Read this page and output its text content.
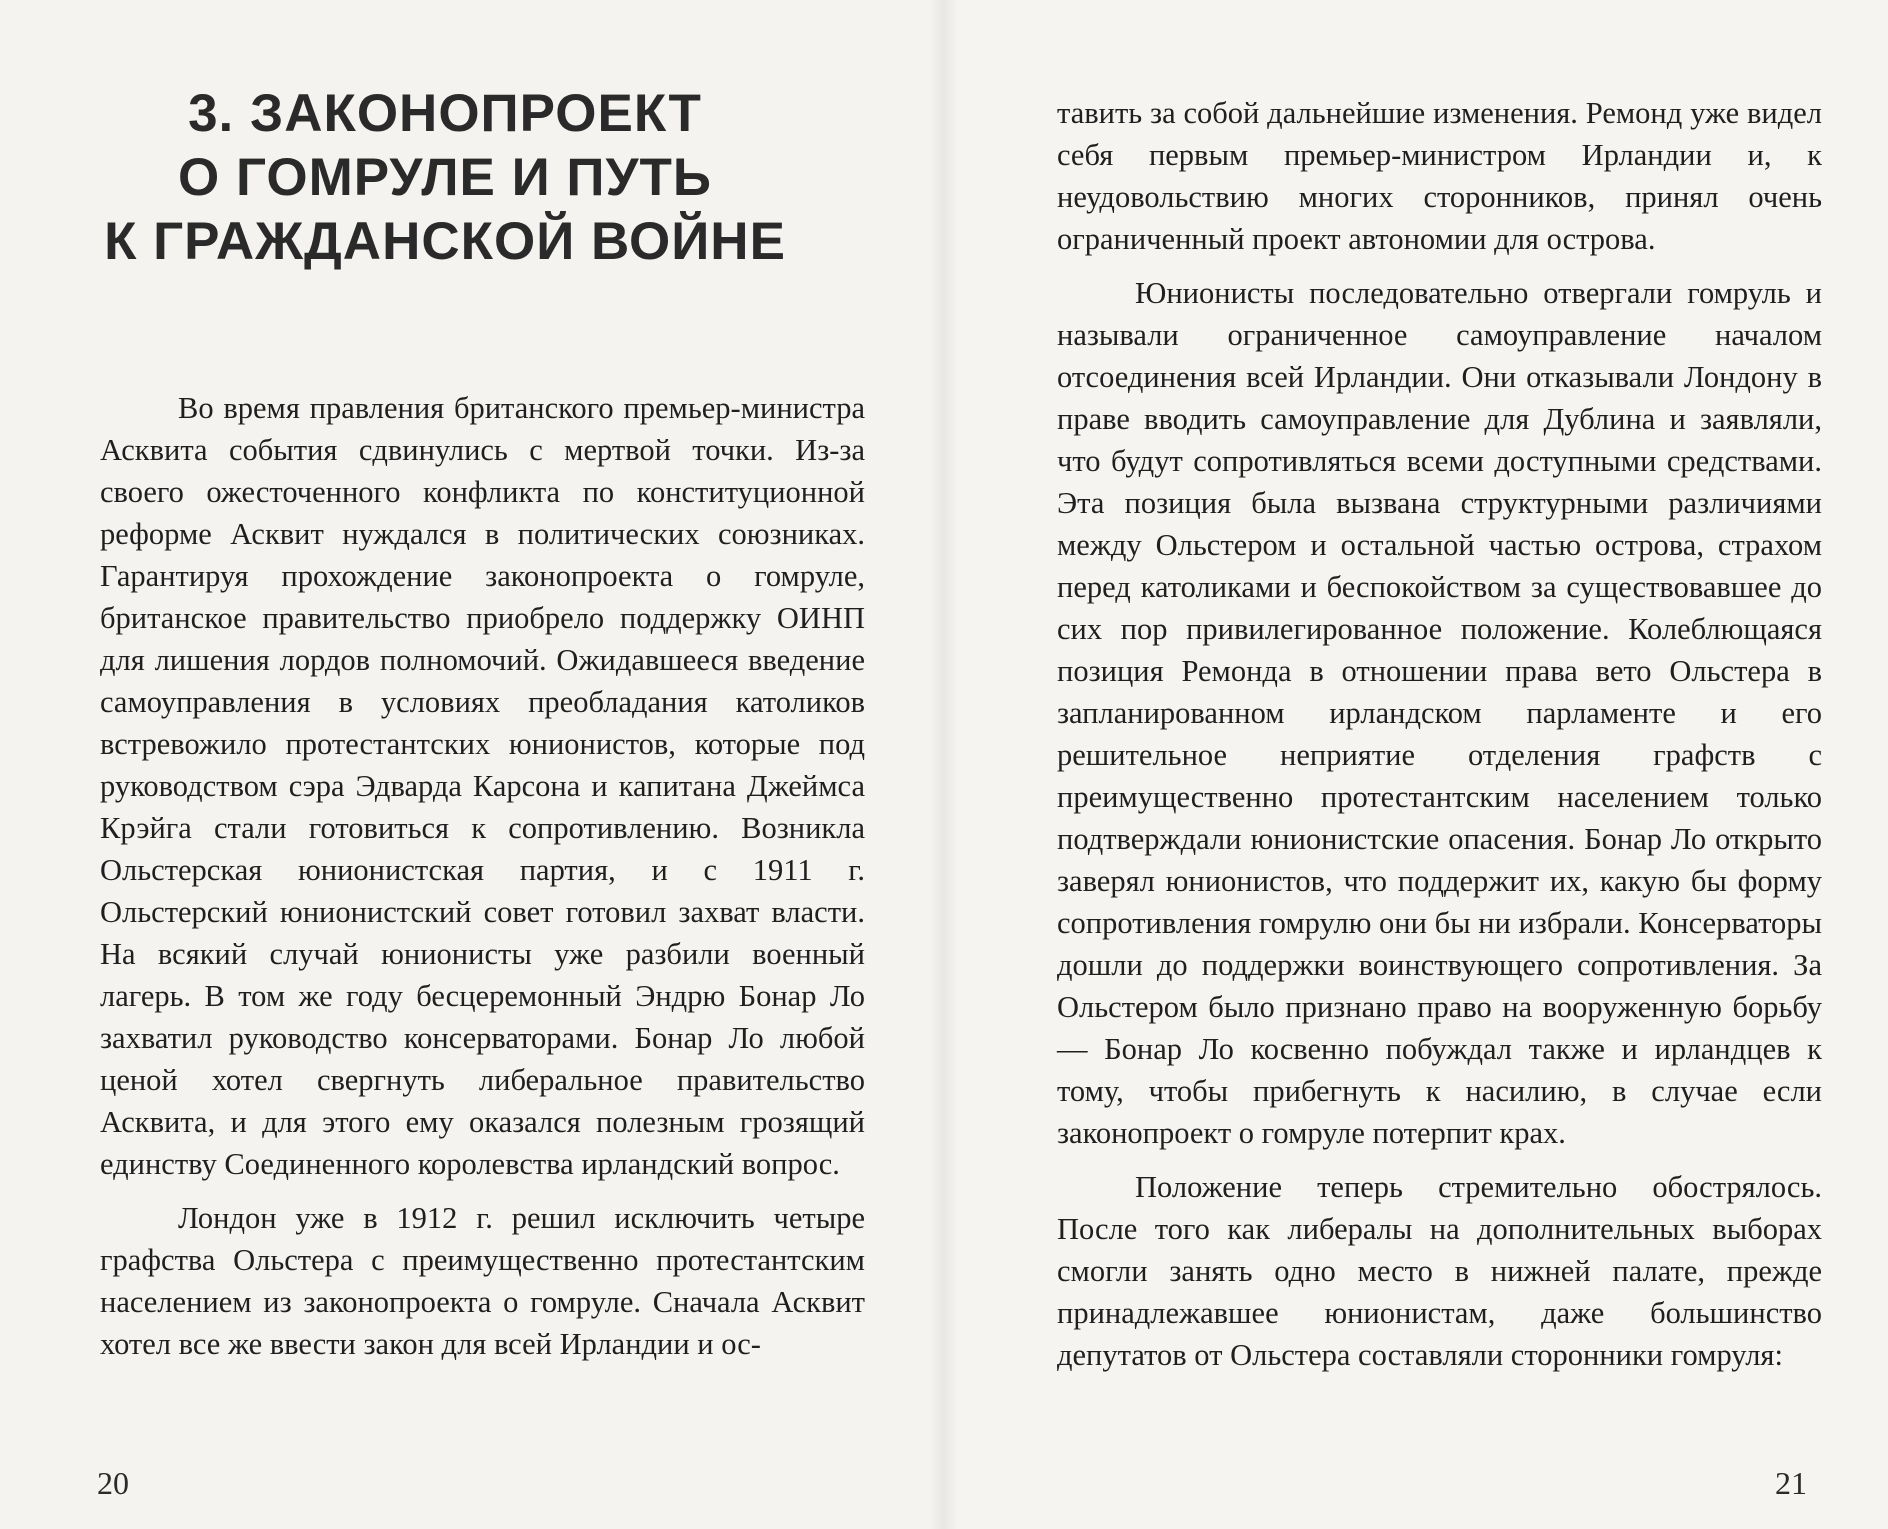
3. ЗАКОНОПРОЕКТ
О ГОМРУЛЕ И ПУТЬ
К ГРАЖДАНСКОЙ ВОЙНЕ

Во время правления британского премьер-министра Асквита события сдвинулись с мертвой точки. Из-за своего ожесточенного конфликта по конституционной реформе Асквит нуждался в политических союзниках. Гарантируя прохождение законопроекта о гомруле, британское правительство приобрело поддержку ОИНП для лишения лордов полномочий. Ожидавшееся введение самоуправления в условиях преобладания католиков встревожило протестантских юнионистов, которые под руководством сэра Эдварда Карсона и капитана Джеймса Крэйга стали готовиться к сопротивлению. Возникла Ольстерская юнионистская партия, и с 1911 г. Ольстерский юнионистский совет готовил захват власти. На всякий случай юнионисты уже разбили военный лагерь. В том же году бесцеремонный Эндрю Бонар Ло захватил руководство консерваторами. Бонар Ло любой ценой хотел свергнуть либеральное правительство Асквита, и для этого ему оказался полезным грозящий единству Соединенного королевства ирландский вопрос.

Лондон уже в 1912 г. решил исключить четыре графства Ольстера с преимущественно протестантским населением из законопроекта о гомруле. Сначала Асквит хотел все же ввести закон для всей Ирландии и ос-

20

тавить за собой дальнейшие изменения. Ремонд уже видел себя первым премьер-министром Ирландии и, к неудовольствию многих сторонников, принял очень ограниченный проект автономии для острова.

Юнионисты последовательно отвергали гомруль и называли ограниченное самоуправление началом отсоединения всей Ирландии. Они отказывали Лондону в праве вводить самоуправление для Дублина и заявляли, что будут сопротивляться всеми доступными средствами. Эта позиция была вызвана структурными различиями между Ольстером и остальной частью острова, страхом перед католиками и беспокойством за существовавшее до сих пор привилегированное положение. Колеблющаяся позиция Ремонда в отношении права вето Ольстера в запланированном ирландском парламенте и его решительное неприятие отделения графств с преимущественно протестантским населением только подтверждали юнионистские опасения. Бонар Ло открыто заверял юнионистов, что поддержит их, какую бы форму сопротивления гомрулю они бы ни избрали. Консерваторы дошли до поддержки воинствующего сопротивления. За Ольстером было признано право на вооруженную борьбу — Бонар Ло косвенно побуждал также и ирландцев к тому, чтобы прибегнуть к насилию, в случае если законопроект о гомруле потерпит крах.

Положение теперь стремительно обострялось. После того как либералы на дополнительных выборах смогли занять одно место в нижней палате, прежде принадлежавшее юнионистам, даже большинство депутатов от Ольстера составляли сторонники гомруля:

21
